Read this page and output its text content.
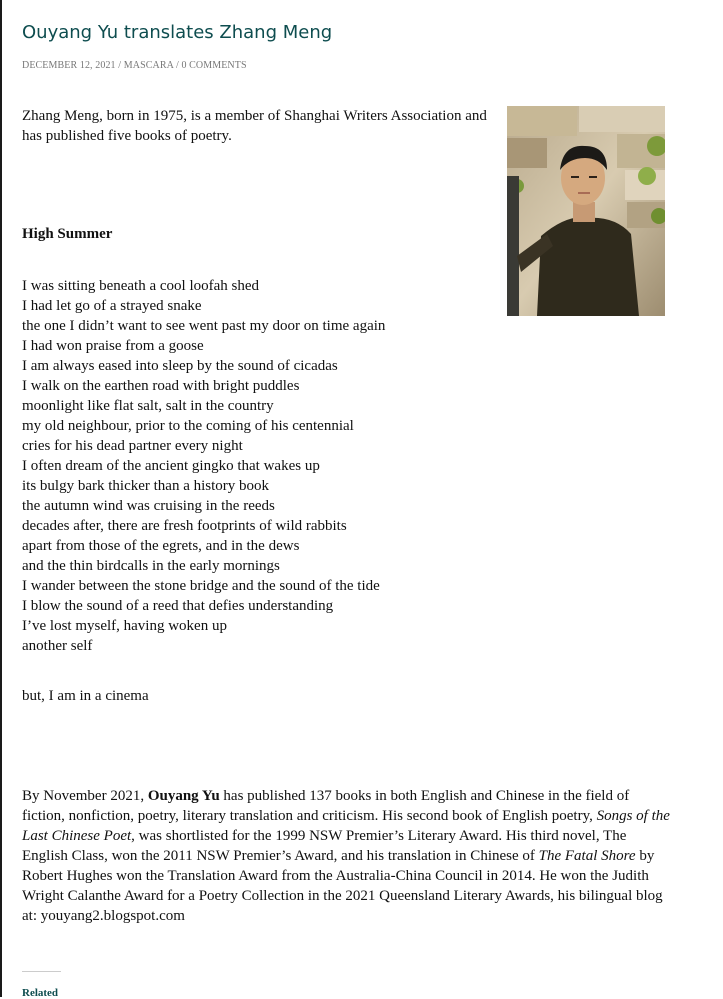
Ouyang Yu translates Zhang Meng
DECEMBER 12, 2021 / MASCARA / 0 COMMENTS

Zhang Meng, born in 1975, is a member of Shanghai Writers Association and has published five books of poetry.

High Summer
I was sitting beneath a cool loofah shed
I had let go of a strayed snake
the one I didn’t want to see went past my door on time again
I had won praise from a goose
I am always eased into sleep by the sound of cicadas
I walk on the earthen road with bright puddles
moonlight like flat salt, salt in the country
my old neighbour, prior to the coming of his centennial
cries for his dead partner every night
I often dream of the ancient gingko that wakes up
its bulgy bark thicker than a history book
the autumn wind was cruising in the reeds
decades after, there are fresh footprints of wild rabbits
apart from those of the egrets, and in the dews
and the thin birdcalls in the early mornings
I wander between the stone bridge and the sound of the tide
I blow the sound of a reed that defies understanding
I’ve lost myself, having woken up
another self

but, I am in a cinema

By November 2021, Ouyang Yu has published 137 books in both English and Chinese in the field of fiction, nonfiction, poetry, literary translation and criticism. His second book of English poetry, Songs of the Last Chinese Poet, was shortlisted for the 1999 NSW Premier’s Literary Award. His third novel, The English Class, won the 2011 NSW Premier’s Award, and his translation in Chinese of The Fatal Shore by Robert Hughes won the Translation Award from the Australia-China Council in 2014. He won the Judith Wright Calanthe Award for a Poetry Collection in the 2021 Queensland Literary Awards, his bilingual blog at: youyang2.blogspot.com

Related
